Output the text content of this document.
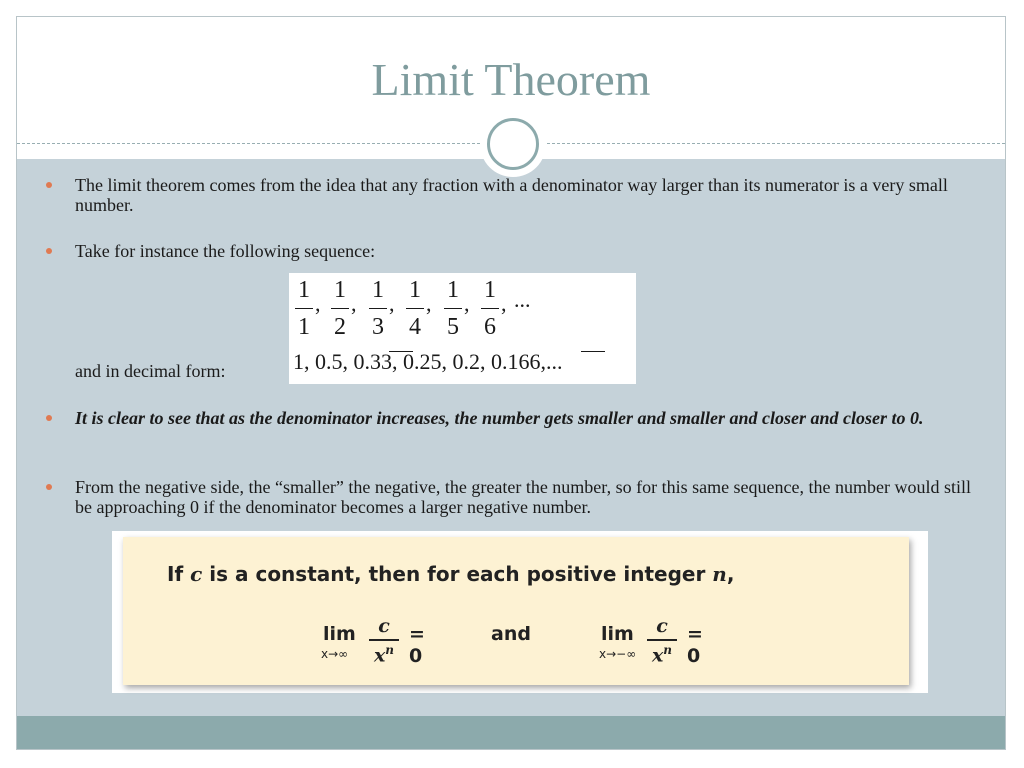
Limit Theorem
The limit theorem comes from the idea that any fraction with a denominator way larger than its numerator is a very small number.
Take for instance the following sequence:
1
1
,
1
2
,
1
3
,
1
4
,
1
5
,
1
6
, ...
1, 0.5, 0.33, 0.25, 0.2, 0.166,...
and in decimal form:
It is clear to see that as the denominator increases, the number gets smaller and smaller and closer and closer to 0.
From the negative side, the “smaller” the negative, the greater the number, so for this same sequence, the number would still be approaching 0 if the denominator becomes a larger negative number.
If c is a constant, then for each positive integer n,
lim
x→∞
c
$x^n$
= 0
and	lim
x→−∞
c
$x^n$
= 0
